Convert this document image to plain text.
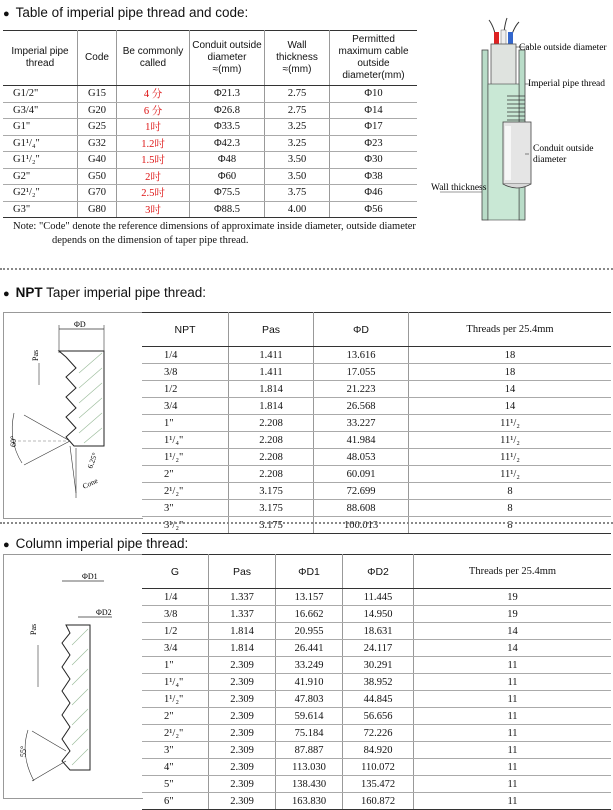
● Table of imperial pipe thread and code:
Imperial pipe thread	Code	Be commonly called	Conduit outside diameter ≈(mm)	Wall thickness ≈(mm)	Permitted maximum cable outside diameter(mm)
G1/2"	G15	4 分	Φ21.3	2.75	Φ10
G3/4"	G20	6 分	Φ26.8	2.75	Φ14
G1"	G25	1吋	Φ33.5	3.25	Φ17
G1¹/₄"	G32	1.2吋	Φ42.3	3.25	Φ23
G1¹/₂"	G40	1.5吋	Φ48	3.50	Φ30
G2"	G50	2吋	Φ60	3.50	Φ38
G2¹/₂"	G70	2.5吋	Φ75.5	3.75	Φ46
G3"	G80	3吋	Φ88.5	4.00	Φ56
Note: "Code" denote the reference dimensions of approximate inside diameter, outside diameter
depends on the dimension of taper pipe thread.
Cable outside diameter
Imperial pipe thread
Conduit outside
diameter
Wall thickness
● NPT Taper imperial pipe thread:
ΦD
Pas
60°
6.25°
Cone
NPT	Pas	ΦD	Threads per 25.4mm
1/4	1.411	13.616	18
3/8	1.411	17.055	18
1/2	1.814	21.223	14
3/4	1.814	26.568	14
1"	2.208	33.227	11¹/₂
1¹/₄"	2.208	41.984	11¹/₂
1¹/₂"	2.208	48.053	11¹/₂
2"	2.208	60.091	11¹/₂
2¹/₂"	3.175	72.699	8
3"	3.175	88.608	8
3¹/₂"	3.175	100.013	8
● Column imperial pipe thread:
ΦD1
ΦD2
Pas
55°
G	Pas	ΦD1	ΦD2	Threads per 25.4mm
1/4	1.337	13.157	11.445	19
3/8	1.337	16.662	14.950	19
1/2	1.814	20.955	18.631	14
3/4	1.814	26.441	24.117	14
1"	2.309	33.249	30.291	11
1¹/₄"	2.309	41.910	38.952	11
1¹/₂"	2.309	47.803	44.845	11
2"	2.309	59.614	56.656	11
2¹/₂"	2.309	75.184	72.226	11
3"	2.309	87.887	84.920	11
4"	2.309	113.030	110.072	11
5"	2.309	138.430	135.472	11
6"	2.309	163.830	160.872	11
